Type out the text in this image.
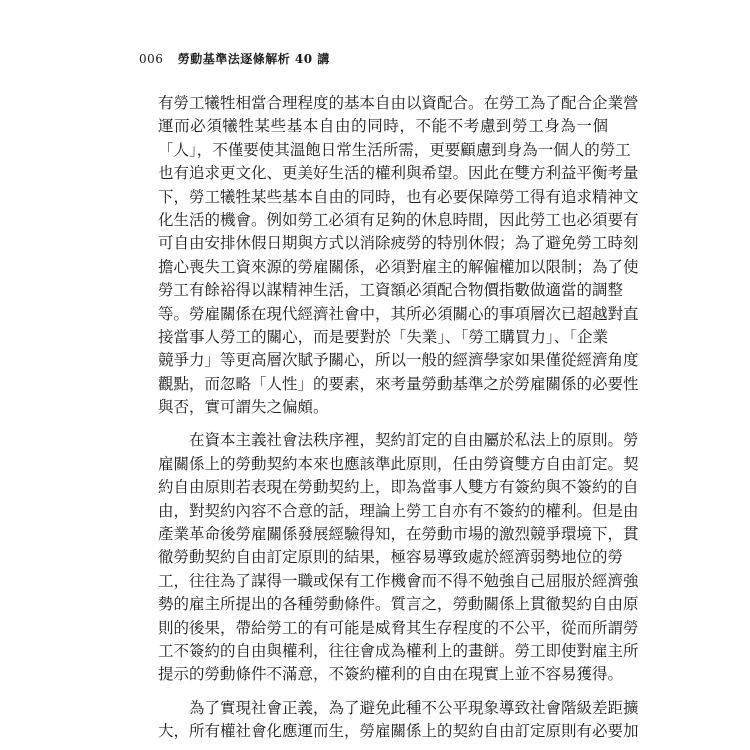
006 勞動基準法逐條解析 40 講
有勞工犧牲相當合理程度的基本自由以資配合。在勞工為了配合企業營
運而必須犧牲某些基本自由的同時，不能不考慮到勞工身為一個
「人」，不僅要使其溫飽日常生活所需，更要顧慮到身為一個人的勞工
也有追求更文化、更美好生活的權利與希望。因此在雙方利益平衡考量
下，勞工犧牲某些基本自由的同時，也有必要保障勞工得有追求精神文
化生活的機會。例如勞工必須有足夠的休息時間，因此勞工也必須要有
可自由安排休假日期與方式以消除疲勞的特別休假；為了避免勞工時刻
擔心喪失工資來源的勞雇關係，必須對雇主的解僱權加以限制；為了使
勞工有餘裕得以謀精神生活，工資額必須配合物價指數做適當的調整
等。勞雇關係在現代經濟社會中，其所必須關心的事項層次已超越對直
接當事人勞工的關心，而是要對於「失業」、「勞工購買力」、「企業
競爭力」等更高層次賦予關心，所以一般的經濟學家如果僅從經濟角度
觀點，而忽略「人性」的要素，來考量勞動基準之於勞雇關係的必要性
與否，實可謂失之偏頗。
在資本主義社會法秩序裡，契約訂定的自由屬於私法上的原則。勞
雇關係上的勞動契約本來也應該準此原則，任由勞資雙方自由訂定。契
約自由原則若表現在勞動契約上，即為當事人雙方有簽約與不簽約的自
由，對契約內容不合意的話，理論上勞工自亦有不簽約的權利。但是由
產業革命後勞雇關係發展經驗得知，在勞動市場的激烈競爭環境下，貫
徹勞動契約自由訂定原則的結果，極容易導致處於經濟弱勢地位的勞
工，往往為了謀得一職或保有工作機會而不得不勉強自己屈服於經濟強
勢的雇主所提出的各種勞動條件。質言之，勞動關係上貫徹契約自由原
則的後果，帶給勞工的有可能是威脅其生存程度的不公平，從而所謂勞
工不簽約的自由與權利，往往會成為權利上的畫餅。勞工即使對雇主所
提示的勞動條件不滿意，不簽約權利的自由在現實上並不容易獲得。
為了實現社會正義，為了避免此種不公平現象導致社會階級差距擴
大，所有權社會化應運而生，勞雇關係上的契約自由訂定原則有必要加
